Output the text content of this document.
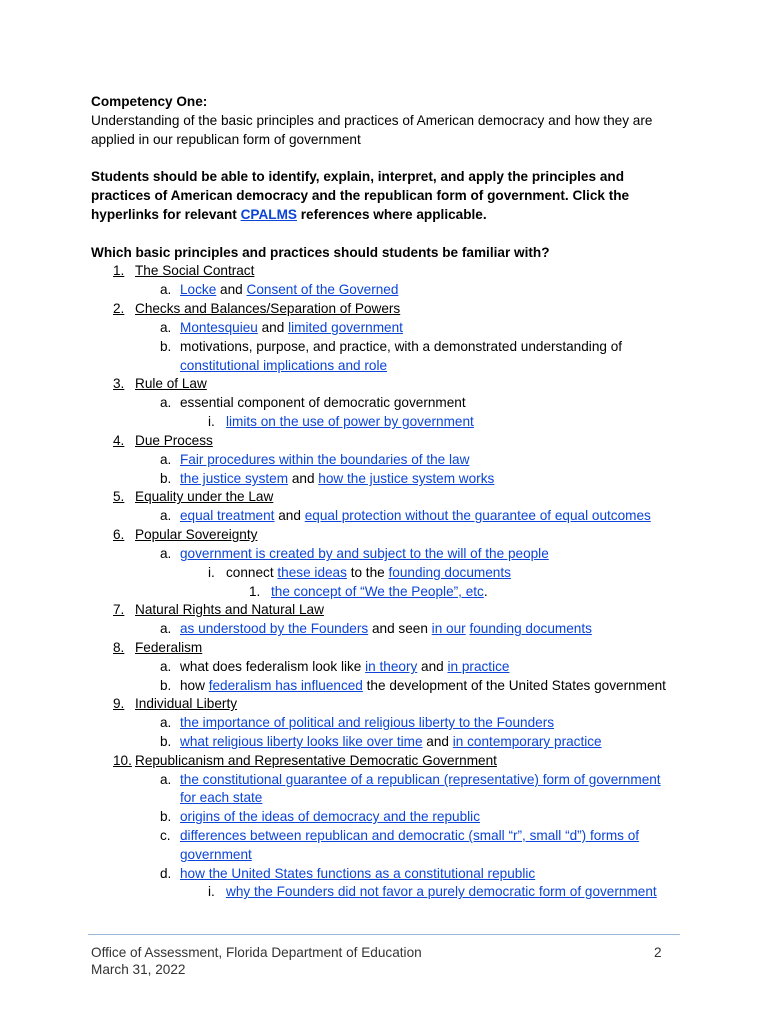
Competency One:
Understanding of the basic principles and practices of American democracy and how they are
applied in our republican form of government
Students should be able to identify, explain, interpret, and apply the principles and
practices of American democracy and the republican form of government. Click the
hyperlinks for relevant CPALMS references where applicable.
Which basic principles and practices should students be familiar with?
1. The Social Contract
a. Locke and Consent of the Governed
2. Checks and Balances/Separation of Powers
a. Montesquieu and limited government
b. motivations, purpose, and practice, with a demonstrated understanding of
constitutional implications and role
3. Rule of Law
a. essential component of democratic government
i. limits on the use of power by government
4. Due Process
a. Fair procedures within the boundaries of the law
b. the justice system and how the justice system works
5. Equality under the Law
a. equal treatment and equal protection without the guarantee of equal outcomes
6. Popular Sovereignty
a. government is created by and subject to the will of the people
i. connect these ideas to the founding documents
1. the concept of “We the People”, etc.
7. Natural Rights and Natural Law
a. as understood by the Founders and seen in our founding documents
8. Federalism
a. what does federalism look like in theory and in practice
b. how federalism has influenced the development of the United States government
9. Individual Liberty
a. the importance of political and religious liberty to the Founders
b. what religious liberty looks like over time and in contemporary practice
10. Republicanism and Representative Democratic Government
a. the constitutional guarantee of a republican (representative) form of government
for each state
b. origins of the ideas of democracy and the republic
c. differences between republican and democratic (small “r”, small “d”) forms of
government
d. how the United States functions as a constitutional republic
i. why the Founders did not favor a purely democratic form of government
Office of Assessment, Florida Department of Education
March 31, 2022
2
